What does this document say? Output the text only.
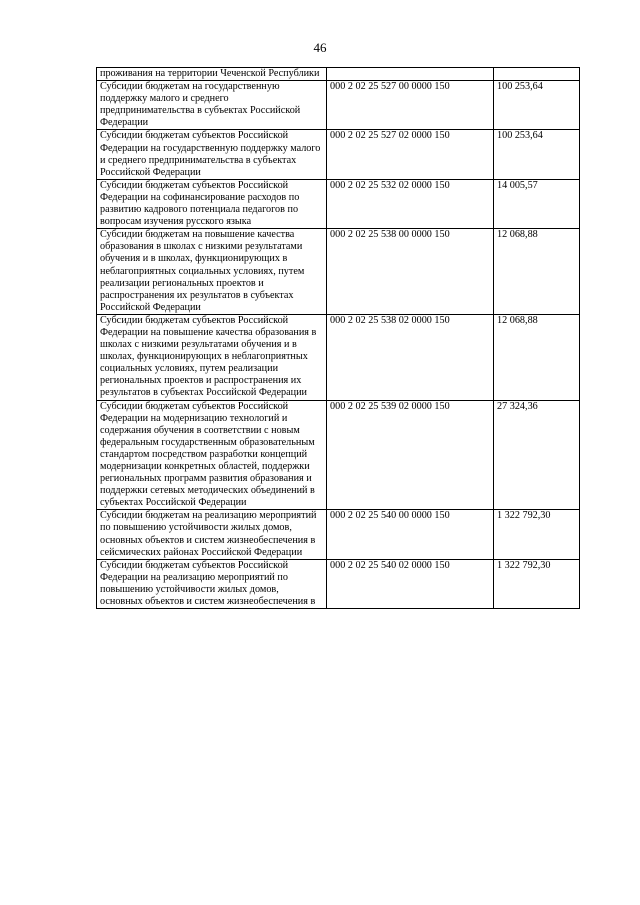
46
проживания на территории Чеченской Республики		

Субсидии бюджетам на государственную поддержку малого и среднего предпринимательства в субъектах Российской Федерации	000 2 02 25 527 00 0000 150	100 253,64

Субсидии бюджетам субъектов Российской Федерации на государственную поддержку малого и среднего предпринимательства в субъектах Российской Федерации	000 2 02 25 527 02 0000 150	100 253,64

Субсидии бюджетам субъектов Российской Федерации на софинансирование расходов по развитию кадрового потенциала педагогов по вопросам изучения русского языка	000 2 02 25 532 02 0000 150	14 005,57

Субсидии бюджетам на повышение качества образования в школах с низкими результатами обучения и в школах, функционирующих в неблагоприятных социальных условиях, путем реализации региональных проектов и распространения их результатов в субъектах Российской Федерации	000 2 02 25 538 00 0000 150	12 068,88

Субсидии бюджетам субъектов Российской Федерации на повышение качества образования в школах с низкими результатами обучения и в школах, функционирующих в неблагоприятных социальных условиях, путем реализации региональных проектов и распространения их результатов в субъектах Российской Федерации	000 2 02 25 538 02 0000 150	12 068,88

Субсидии бюджетам субъектов Российской Федерации на модернизацию технологий и содержания обучения в соответствии с новым федеральным государственным образовательным стандартом посредством разработки концепций модернизации конкретных областей, поддержки региональных программ развития образования и поддержки сетевых методических объединений в субъектах Российской Федерации	000 2 02 25 539 02 0000 150	27 324,36

Субсидии бюджетам на реализацию мероприятий по повышению устойчивости жилых домов, основных объектов и систем жизнеобеспечения в сейсмических районах Российской Федерации	000 2 02 25 540 00 0000 150	1 322 792,30

Субсидии бюджетам субъектов Российской Федерации на реализацию мероприятий по повышению устойчивости жилых домов, основных объектов и систем жизнеобеспечения в	000 2 02 25 540 02 0000 150	1 322 792,30
